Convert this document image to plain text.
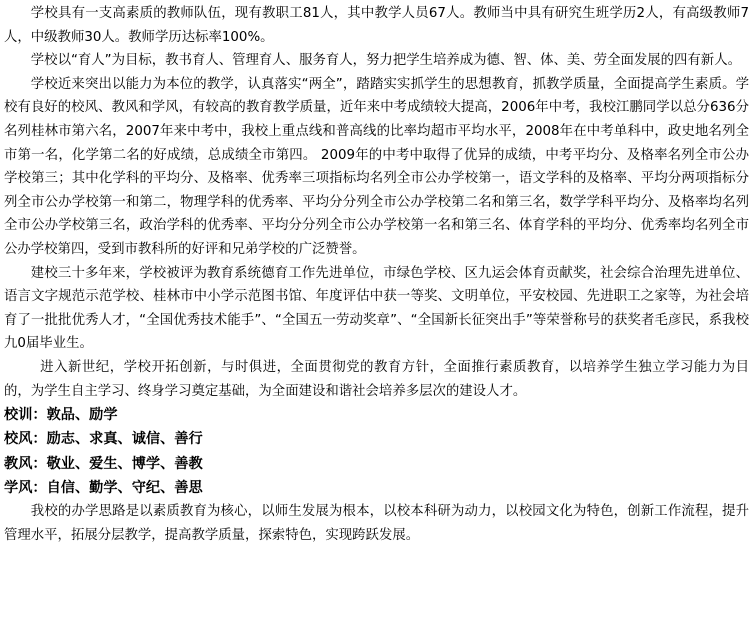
学校具有一支高素质的教师队伍，现有教职工81人，其中教学人员67人。教师当中具有研究生班学历2人，有高级教师7人，中级教师30人。教师学历达标率100%。

学校以“育人”为目标，教书育人、管理育人、服务育人，努力把学生培养成为德、智、体、美、劳全面发展的四有新人。

学校近来突出以能力为本位的教学，认真落实“两全”，踏踏实实抓学生的思想教育，抓教学质量，全面提高学生素质。学校有良好的校风、教风和学风，有较高的教育教学质量，近年来中考成绩较大提高，2006年中考，我校江鹏同学以总分636分名列桂林市第六名，2007年来中考中，我校上重点线和普高线的比率均超市平均水平，2008年在中考单科中，政史地名列全市第一名，化学第二名的好成绩，总成绩全市第四。 2009年的中考中取得了优异的成绩，中考平均分、及格率名列全市公办学校第三；其中化学科的平均分、及格率、优秀率三项指标均名列全市公办学校第一，语文学科的及格率、平均分两项指标分列全市公办学校第一和第二，物理学科的优秀率、平均分分列全市公办学校第二名和第三名，数学学科平均分、及格率均名列全市公办学校第三名，政治学科的优秀率、平均分分列全市公办学校第一名和第三名、体育学科的平均分、优秀率均名列全市公办学校第四，受到市教科所的好评和兄弟学校的广泛赞誉。

建校三十多年来，学校被评为教育系统德育工作先进单位，市绿色学校、区九运会体育贡献奖，社会综合治理先进单位、语言文字规范示范学校、桂林市中小学示范图书馆、年度评估中获一等奖、文明单位，平安校园、先进职工之家等，为社会培育了一批批优秀人才，“全国优秀技术能手”、“全国五一劳动奖章”、“全国新长征突出手”等荣誉称号的获奖者毛彦民，系我校九0届毕业生。

进入新世纪，学校开拓创新，与时俱进，全面贯彻党的教育方针，全面推行素质教育，以培养学生独立学习能力为目的，为学生自主学习、终身学习奠定基础，为全面建设和谐社会培养多层次的建设人才。

校训：敦品、励学

校风：励志、求真、诚信、善行

教风：敬业、爱生、博学、善教

学风：自信、勤学、守纪、善思

我校的办学思路是以素质教育为核心，以师生发展为根本，以校本科研为动力，以校园文化为特色，创新工作流程，提升管理水平，拓展分层教学，提高教学质量，探索特色，实现跨跃发展。
